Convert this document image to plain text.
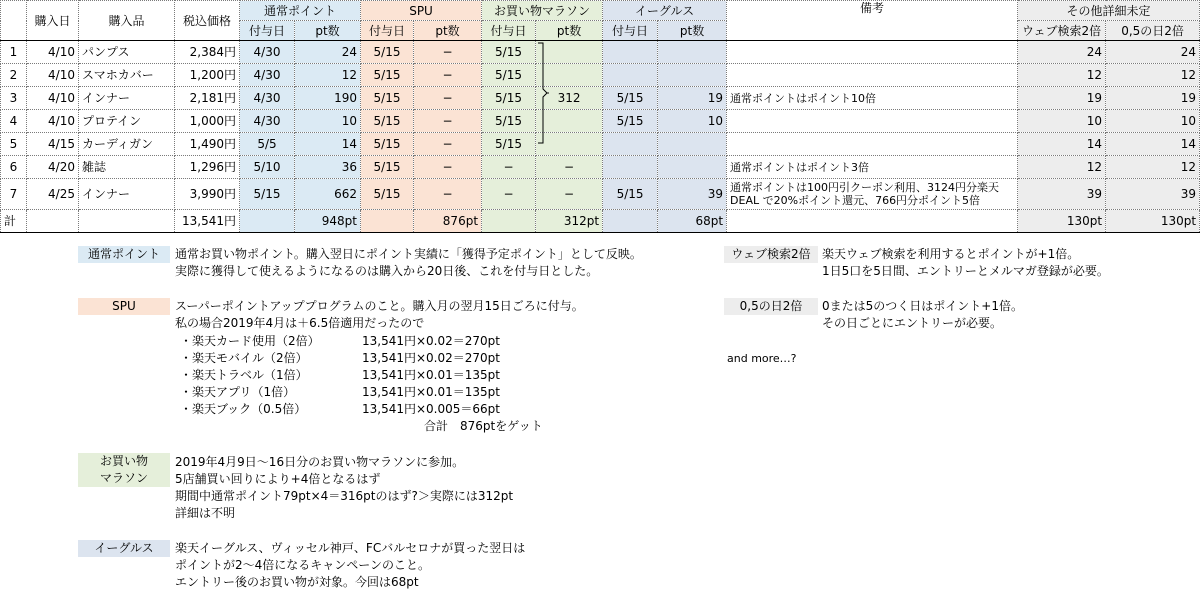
	購入日	購入品	税込価格	通常ポイント		SPU		お買い物マラソン		イーグルス		備考	その他詳細未定	
				付与日	pt数	付与日	pt数	付与日	pt数	付与日	pt数		ウェブ検索2倍	0,5の日2倍
1	4/10	パンプス	2,384円	4/30	24	5/15	−	5/15					24	24
2	4/10	スマホカバー	1,200円	4/30	12	5/15	−	5/15					12	12
3	4/10	インナー	2,181円	4/30	190	5/15	−	5/15	312	5/15	19	通常ポイントはポイント10倍	19	19
4	4/10	プロテイン	1,000円	4/30	10	5/15	−	5/15		5/15	10		10	10
5	4/15	カーディガン	1,490円	5/5	14	5/15	−	5/15					14	14
6	4/20	雑誌	1,296円	5/10	36	5/15	−	−	−			通常ポイントはポイント3倍	12	12
7	4/25	インナー	3,990円	5/15	662	5/15	−	−	−	5/15	39	通常ポイントは100円引クーポン利用、3124円分楽天DEAL で20%ポイント還元、766円分ポイント5倍	39	39
計			13,541円		948pt		876pt		312pt		68pt		130pt	130pt
通常ポイント	通常お買い物ポイント。購入翌日にポイント実績に「獲得予定ポイント」として反映。
実際に獲得して使えるようになるのは購入から20日後、これを付与日とした。
SPU	スーパーポイントアッププログラムのこと。購入月の翌月15日ごろに付与。
私の場合2019年4月は＋6.5倍適用だったので
・楽天カード使用（2倍）	13,541円×0.02＝270pt
・楽天モバイル（2倍）	13,541円×0.02＝270pt
・楽天トラベル（1倍）	13,541円×0.01＝135pt
・楽天アプリ（1倍）	13,541円×0.01＝135pt
・楽天ブック（0.5倍）	13,541円×0.005＝66pt
合計　876ptをゲット
お買い物
マラソン
2019年4月9日〜16日分のお買い物マラソンに参加。
5店舗買い回りにより+4倍となるはず
期間中通常ポイント79pt×4＝316ptのはず?＞実際には312pt
詳細は不明
イーグルス	楽天イーグルス、ヴィッセル神戸、FCバルセロナが買った翌日は
ポイントが2〜4倍になるキャンペーンのこと。
エントリー後のお買い物が対象。今回は68pt
ウェブ検索2倍 楽天ウェブ検索を利用するとポイントが+1倍。
1日5口を5日間、エントリーとメルマガ登録が必要。
0,5の日2倍	0または5のつく日はポイント+1倍。
その日ごとにエントリーが必要。
and more…?
